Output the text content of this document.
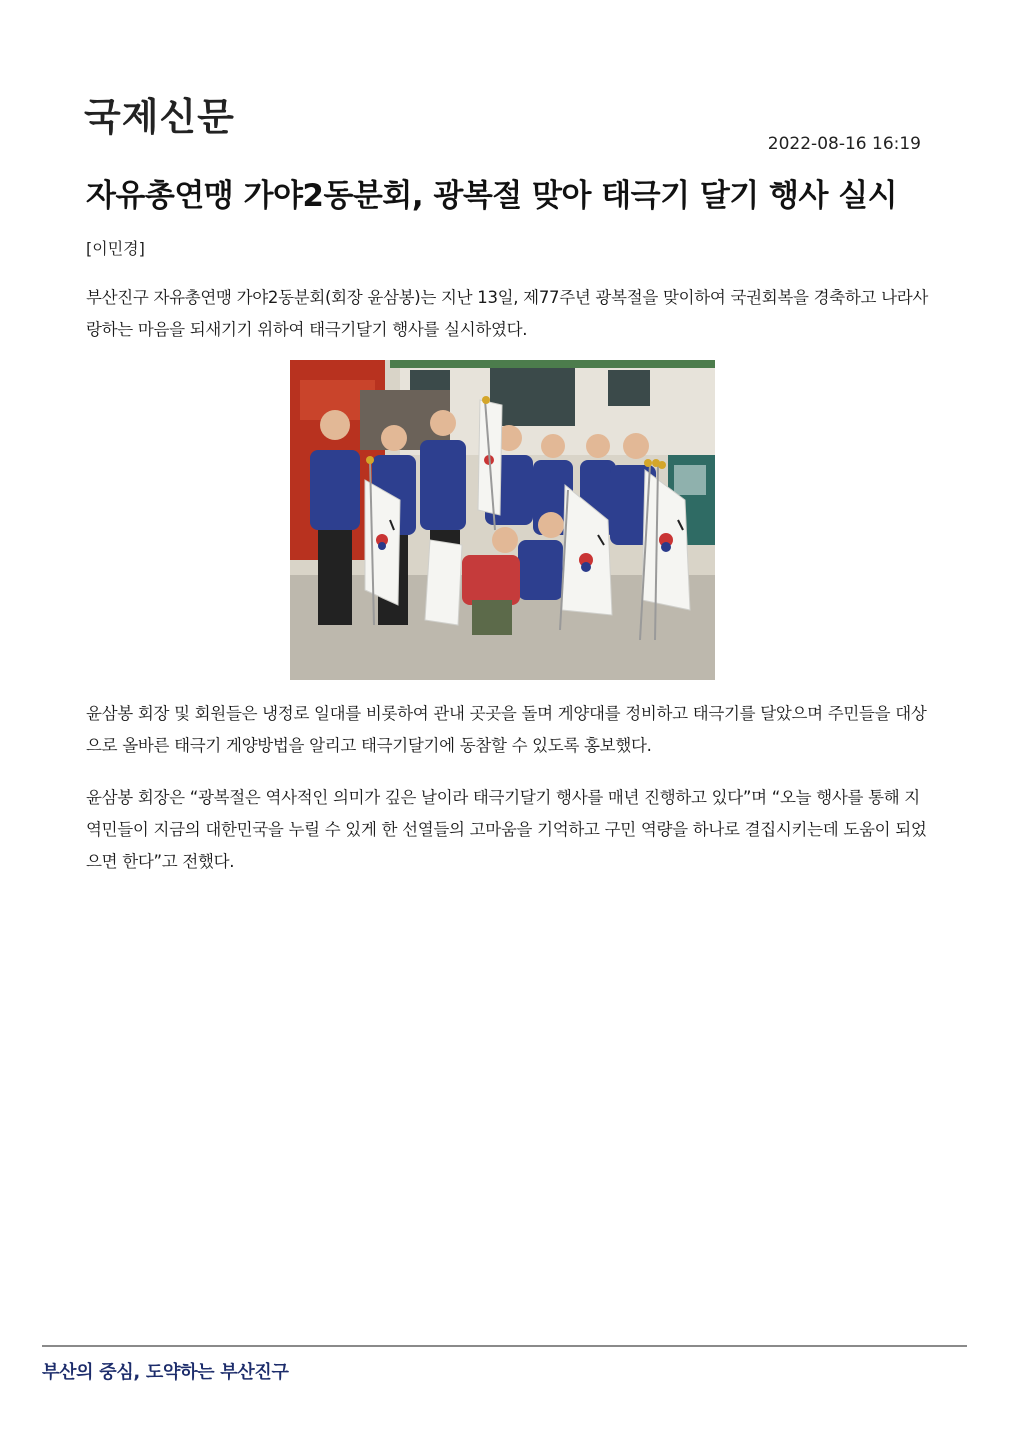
국제신문
2022-08-16 16:19
자유총연맹 가야2동분회, 광복절 맞아 태극기 달기 행사 실시
[이민경]

부산진구 자유총연맹 가야2동분회(회장 윤삼봉)는 지난 13일, 제77주년 광복절을 맞이하여 국권회복을 경축하고 나라사랑하는 마음을 되새기기 위하여 태극기달기 행사를 실시하였다.

윤삼봉 회장 및 회원들은 냉정로 일대를 비롯하여 관내 곳곳을 돌며 게양대를 정비하고 태극기를 달았으며 주민들을 대상으로 올바른 태극기 게양방법을 알리고 태극기달기에 동참할 수 있도록 홍보했다.

윤삼봉 회장은 “광복절은 역사적인 의미가 깊은 날이라 태극기달기 행사를 매년 진행하고 있다”며 “오늘 행사를 통해 지역민들이 지금의 대한민국을 누릴 수 있게 한 선열들의 고마움을 기억하고 구민 역량을 하나로 결집시키는데 도움이 되었으면 한다”고 전했다.

부산의 중심, 도약하는 부산진구
